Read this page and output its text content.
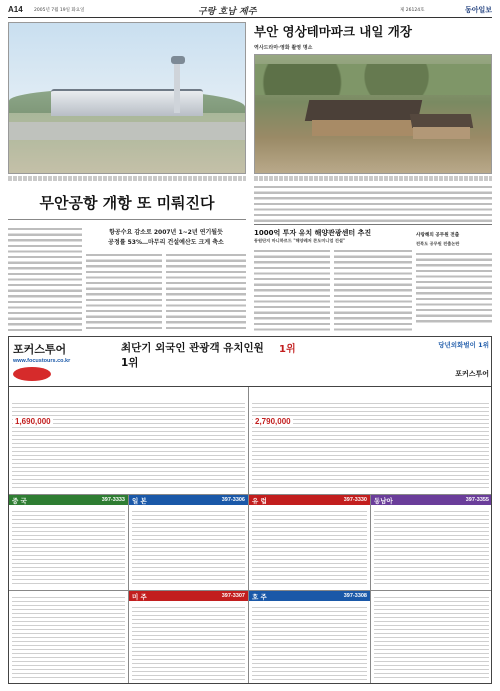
A14	2005년 7월 19일 화요일	구랑 호남 제주	제 26124호	동아일보
무안공항 개항 또 미뤄진다
항공수요 감소로 2007년 1~2년 연기될듯
공정률 53%…마무리 건설예산도 크게 축소
부안 영상테마파크 내일 개장
역사드라마·영화 촬영 명소
1000억 투자 유치 해양관광센터 추진
동원단지 마니하르드 "해양레저 콘도미니엄 건설"
사랑해의 공무원 전출
전북도 공무원 전출논란
포커스투어
www.focustours.co.kr
최단기 외국인 관광객 유치인원 1위
1위	당년외화벌이 1위
포커스투어
1,690,000	2,790,000
중 국	397-3333 일 본	397-3306 유 럽	397-3330 동남아	397-3355
미 주	397-3307 호 주	397-3308
